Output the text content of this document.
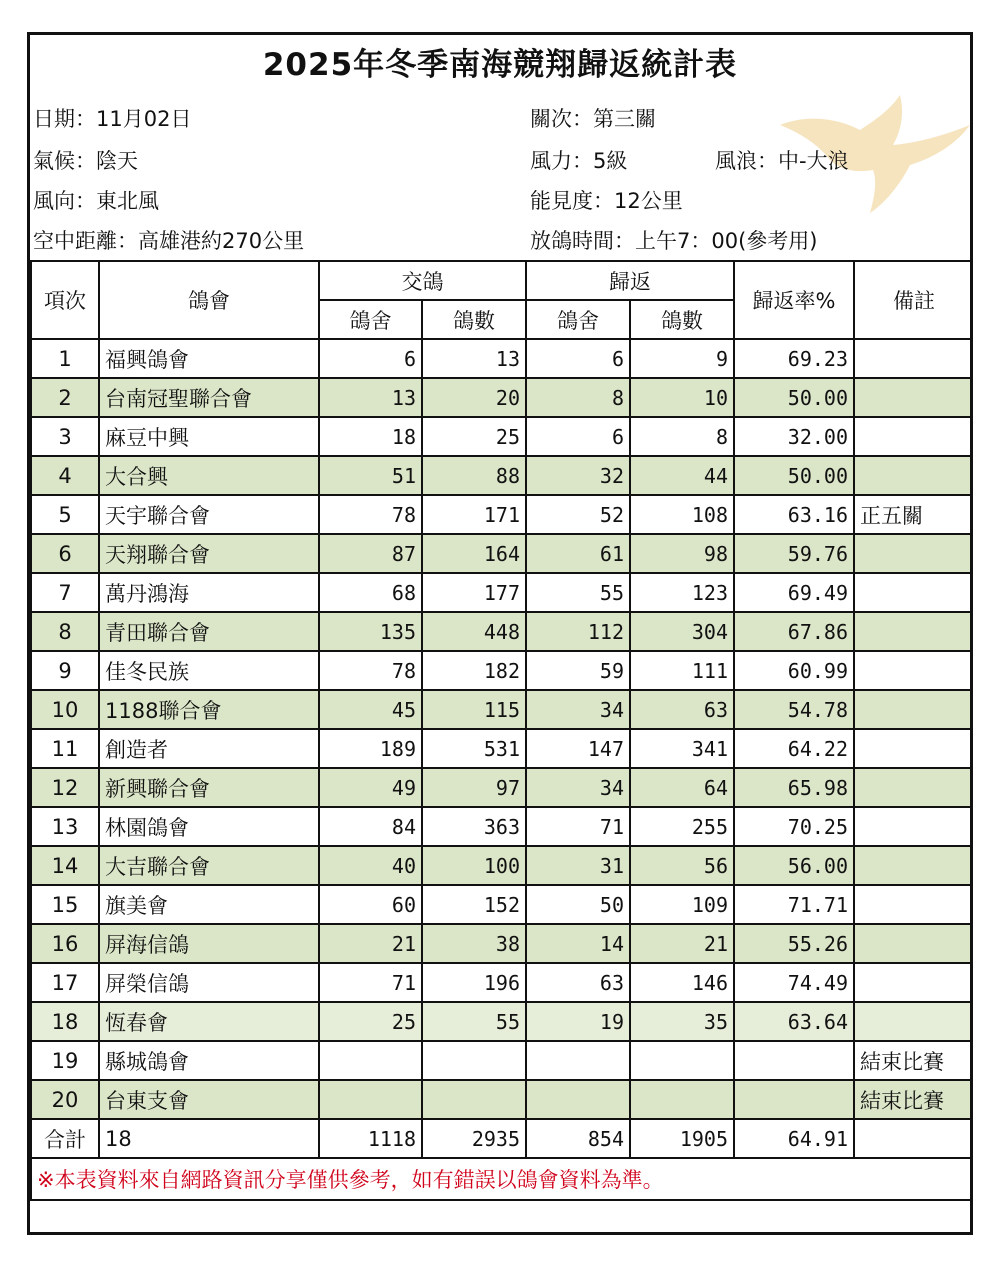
2025年冬季南海競翔歸返統計表
日期：11月02日	關次：第三關
氣候：陰天	風力：5級	風浪：中-大浪
風向：東北風	能見度：12公里
空中距離：高雄港約270公里	放鴿時間：上午7：00(參考用)
項次	鴿會	交鴿		歸返		歸返率%	備註
		鴿舍	鴿數	鴿舍	鴿數		
1	福興鴿會	6	13	6	9	69.23	
2	台南冠聖聯合會	13	20	8	10	50.00	
3	麻豆中興	18	25	6	8	32.00	
4	大合興	51	88	32	44	50.00	
5	天宇聯合會	78	171	52	108	63.16	正五關
6	天翔聯合會	87	164	61	98	59.76	
7	萬丹鴻海	68	177	55	123	69.49	
8	青田聯合會	135	448	112	304	67.86	
9	佳冬民族	78	182	59	111	60.99	
10	1188聯合會	45	115	34	63	54.78	
11	創造者	189	531	147	341	64.22	
12	新興聯合會	49	97	34	64	65.98	
13	林園鴿會	84	363	71	255	70.25	
14	大吉聯合會	40	100	31	56	56.00	
15	旗美會	60	152	50	109	71.71	
16	屏海信鴿	21	38	14	21	55.26	
17	屏榮信鴿	71	196	63	146	74.49	
18	恆春會	25	55	19	35	63.64	
19	縣城鴿會						結束比賽
20	台東支會						結束比賽
合計	18	1118	2935	854	1905	64.91	
※本表資料來自網路資訊分享僅供參考，如有錯誤以鴿會資料為準。							
